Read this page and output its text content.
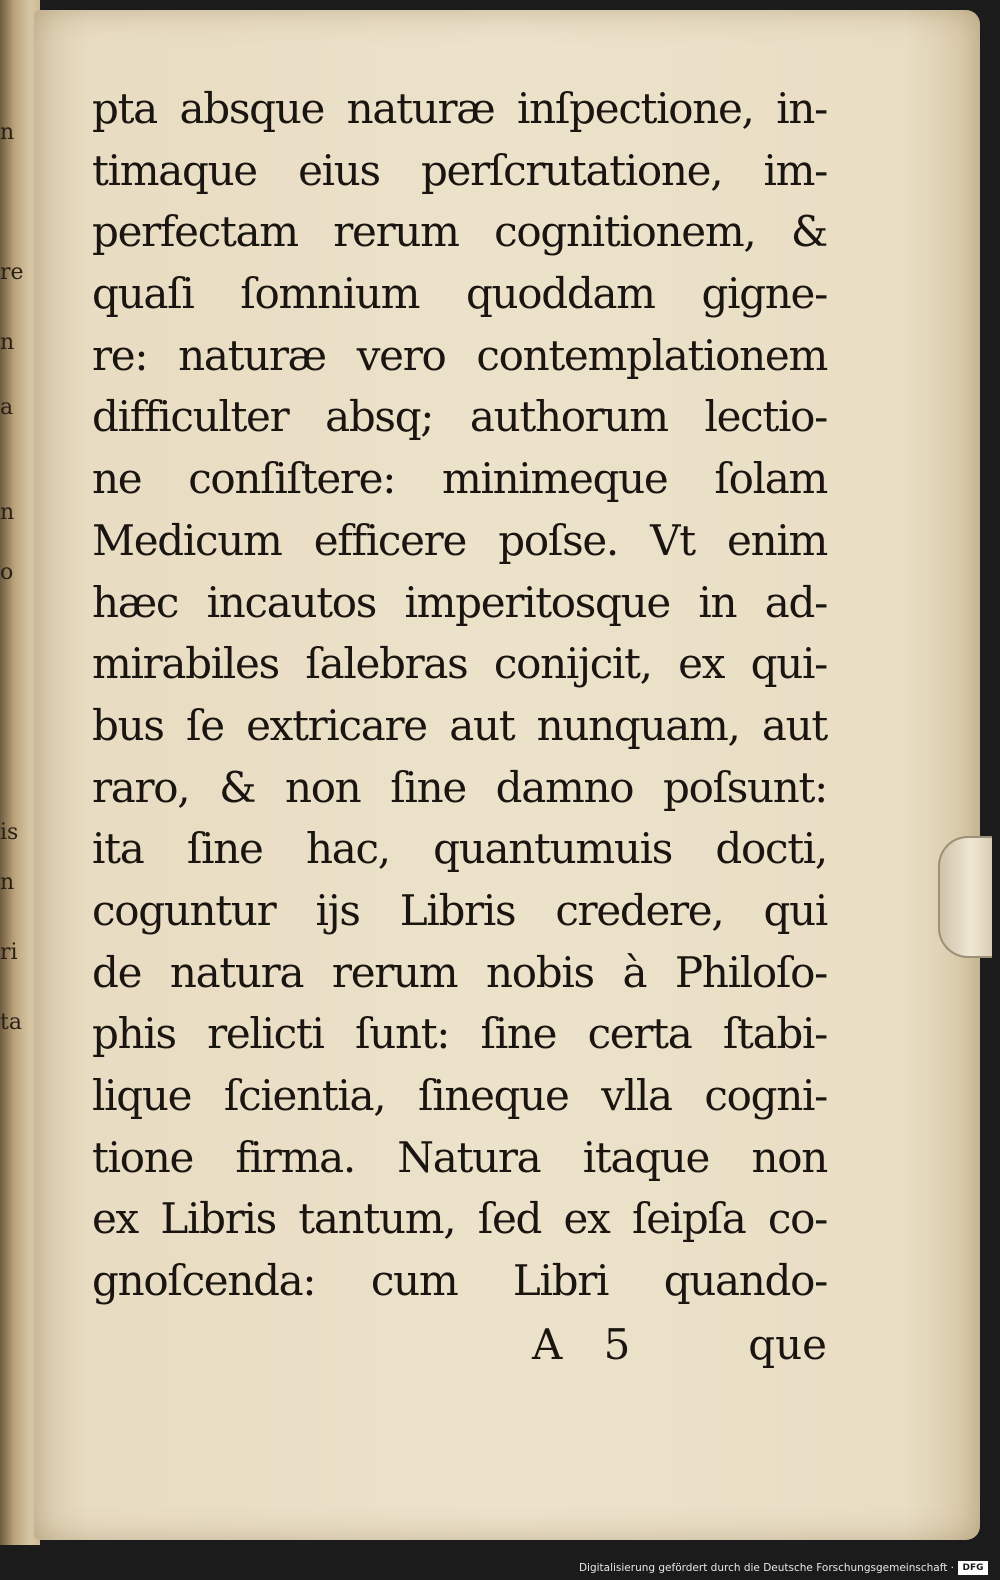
pta absque naturæ inſpectione, in-
timaque eius perſcrutatione, im-
perfectam rerum cognitionem, &
quaſi ſomnium quoddam gigne-
re: naturæ vero contemplationem
difficulter absq; authorum lectio-
ne conſiſtere: minimeque ſolam
Medicum efficere poſse. Vt enim
hæc incautos imperitosque in ad-
mirabiles ſalebras conijcit, ex qui-
bus ſe extricare aut nunquam, aut
raro, & non ſine damno poſsunt:
ita ſine hac, quantumuis docti,
coguntur ijs Libris credere, qui
de natura rerum nobis à Philoſo-
phis relicti ſunt: ſine certa ſtabi-
lique ſcientia, ſineque vlla cogni-
tione firma. Natura itaque non
ex Libris tantum, ſed ex ſeipſa co-
gnoſcenda: cum Libri quando-
A 5 que
n
re
n
a
n
o
is
n
ri
ta
Digitalisierung gefördert durch die Deutsche Forschungsgemeinschaft · DFG
